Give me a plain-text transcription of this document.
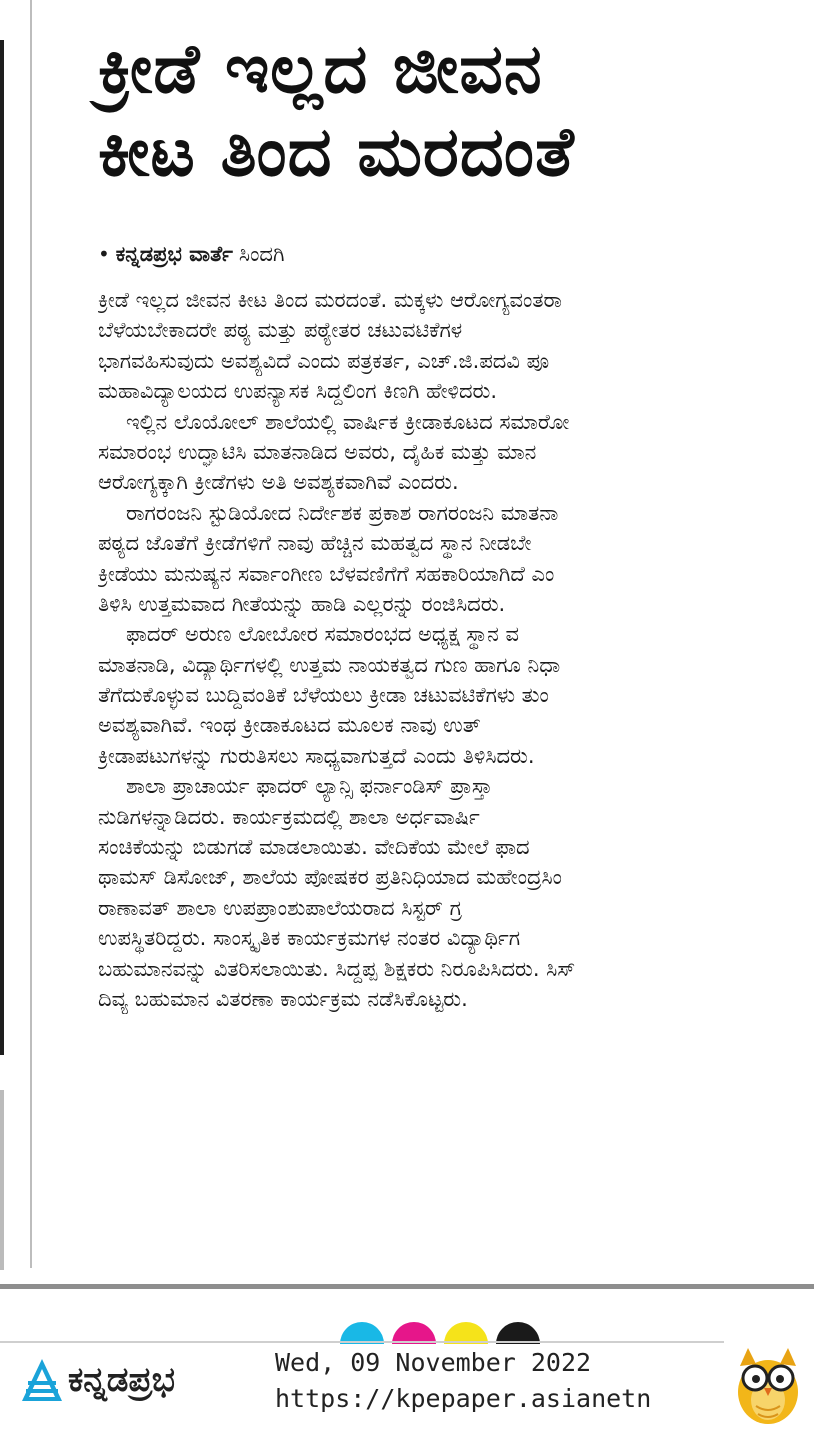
ಕ್ರೀಡೆ ಇಲ್ಲದ ಜೀವನ
ಕೀಟ ತಿಂದ ಮರದಂತೆ
• ಕನ್ನಡಪ್ರಭ ವಾರ್ತೆ ಸಿಂದಗಿ
ಕ್ರೀಡೆ ಇಲ್ಲದ ಜೀವನ ಕೀಟ ತಿಂದ ಮರದಂತೆ. ಮಕ್ಕಳು ಆರೋಗ್ಯವಂತರಾ
ಬೆಳೆಯಬೇಕಾದರೇ ಪಠ್ಯ ಮತ್ತು ಪಠ್ಯೇತರ ಚಟುವಟಿಕೆಗಳ
ಭಾಗವಹಿಸುವುದು ಅವಶ್ಯವಿದೆ ಎಂದು ಪತ್ರಕರ್ತ, ಎಚ್.ಜಿ.ಪದವಿ ಪೂ
ಮಹಾವಿದ್ಯಾಲಯದ ಉಪನ್ಯಾಸಕ ಸಿದ್ದಲಿಂಗ ಕಿಣಗಿ ಹೇಳಿದರು.
ಇಲ್ಲಿನ ಲೊಯೋಲ್ ಶಾಲೆಯಲ್ಲಿ ವಾರ್ಷಿಕ ಕ್ರೀಡಾಕೂಟದ ಸಮಾರೋ
ಸಮಾರಂಭ ಉದ್ಘಾಟಿಸಿ ಮಾತನಾಡಿದ ಅವರು, ದೈಹಿಕ ಮತ್ತು ಮಾನ
ಆರೋಗ್ಯಕ್ಕಾಗಿ ಕ್ರೀಡೆಗಳು ಅತಿ ಅವಶ್ಯಕವಾಗಿವೆ ಎಂದರು.
ರಾಗರಂಜನಿ ಸ್ಟುಡಿಯೋದ ನಿರ್ದೇಶಕ ಪ್ರಕಾಶ ರಾಗರಂಜನಿ ಮಾತನಾ
ಪಠ್ಯದ ಜೊತೆಗೆ ಕ್ರೀಡೆಗಳಿಗೆ ನಾವು ಹೆಚ್ಚಿನ ಮಹತ್ವದ ಸ್ಥಾನ ನೀಡಬೇ
ಕ್ರೀಡೆಯು ಮನುಷ್ಯನ ಸರ್ವಾಂಗೀಣ ಬೆಳವಣಿಗೆಗೆ ಸಹಕಾರಿಯಾಗಿದೆ ಎಂ
ತಿಳಿಸಿ ಉತ್ತಮವಾದ ಗೀತೆಯನ್ನು ಹಾಡಿ ಎಲ್ಲರನ್ನು ರಂಜಿಸಿದರು.
ಫಾದರ್ ಅರುಣ ಲೋಬೋರ ಸಮಾರಂಭದ ಅಧ್ಯಕ್ಷ ಸ್ಥಾನ ವ
ಮಾತನಾಡಿ, ವಿದ್ಯಾರ್ಥಿಗಳಲ್ಲಿ ಉತ್ತಮ ನಾಯಕತ್ವದ ಗುಣ ಹಾಗೂ ನಿಧಾ
ತೆಗೆದುಕೊಳ್ಳುವ ಬುದ್ದಿವಂತಿಕೆ ಬೆಳೆಯಲು ಕ್ರೀಡಾ ಚಟುವಟಿಕೆಗಳು ತುಂ
ಅವಶ್ಯವಾಗಿವೆ. ಇಂಥ ಕ್ರೀಡಾಕೂಟದ ಮೂಲಕ ನಾವು ಉತ್
ಕ್ರೀಡಾಪಟುಗಳನ್ನು ಗುರುತಿಸಲು ಸಾಧ್ಯವಾಗುತ್ತದೆ ಎಂದು ತಿಳಿಸಿದರು.
ಶಾಲಾ ಪ್ರಾಚಾರ್ಯ ಫಾದರ್ ಲ್ಯಾನ್ಸಿ ಫರ್ನಾಂಡಿಸ್ ಪ್ರಾಸ್ತಾ
ನುಡಿಗಳನ್ನಾಡಿದರು. ಕಾರ್ಯಕ್ರಮದಲ್ಲಿ ಶಾಲಾ ಅರ್ಧವಾರ್ಷಿ
ಸಂಚಿಕೆಯನ್ನು ಬಿಡುಗಡೆ ಮಾಡಲಾಯಿತು. ವೇದಿಕೆಯ ಮೇಲೆ ಫಾದ
ಥಾಮಸ್ ಡಿಸೋಜ್, ಶಾಲೆಯ ಪೋಷಕರ ಪ್ರತಿನಿಧಿಯಾದ ಮಹೇಂದ್ರಸಿಂ
ರಾಣಾವತ್ ಶಾಲಾ ಉಪಪ್ರಾಂಶುಪಾಲೆಯರಾದ ಸಿಸ್ಟರ್ ಗ್ರ
ಉಪಸ್ಥಿತರಿದ್ದರು. ಸಾಂಸ್ಕೃತಿಕ ಕಾರ್ಯಕ್ರಮಗಳ ನಂತರ ವಿದ್ಯಾರ್ಥಿಗ
ಬಹುಮಾನವನ್ನು ವಿತರಿಸಲಾಯಿತು. ಸಿದ್ದಪ್ಪ ಶಿಕ್ಷಕರು ನಿರೂಪಿಸಿದರು. ಸಿಸ್
ದಿವ್ಯ ಬಹುಮಾನ ವಿತರಣಾ ಕಾರ್ಯಕ್ರಮ ನಡೆಸಿಕೊಟ್ಟರು.
ಕನ್ನಡಪ್ರಭ	Wed, 09 November 2022
https://kpepaper.asianetn
